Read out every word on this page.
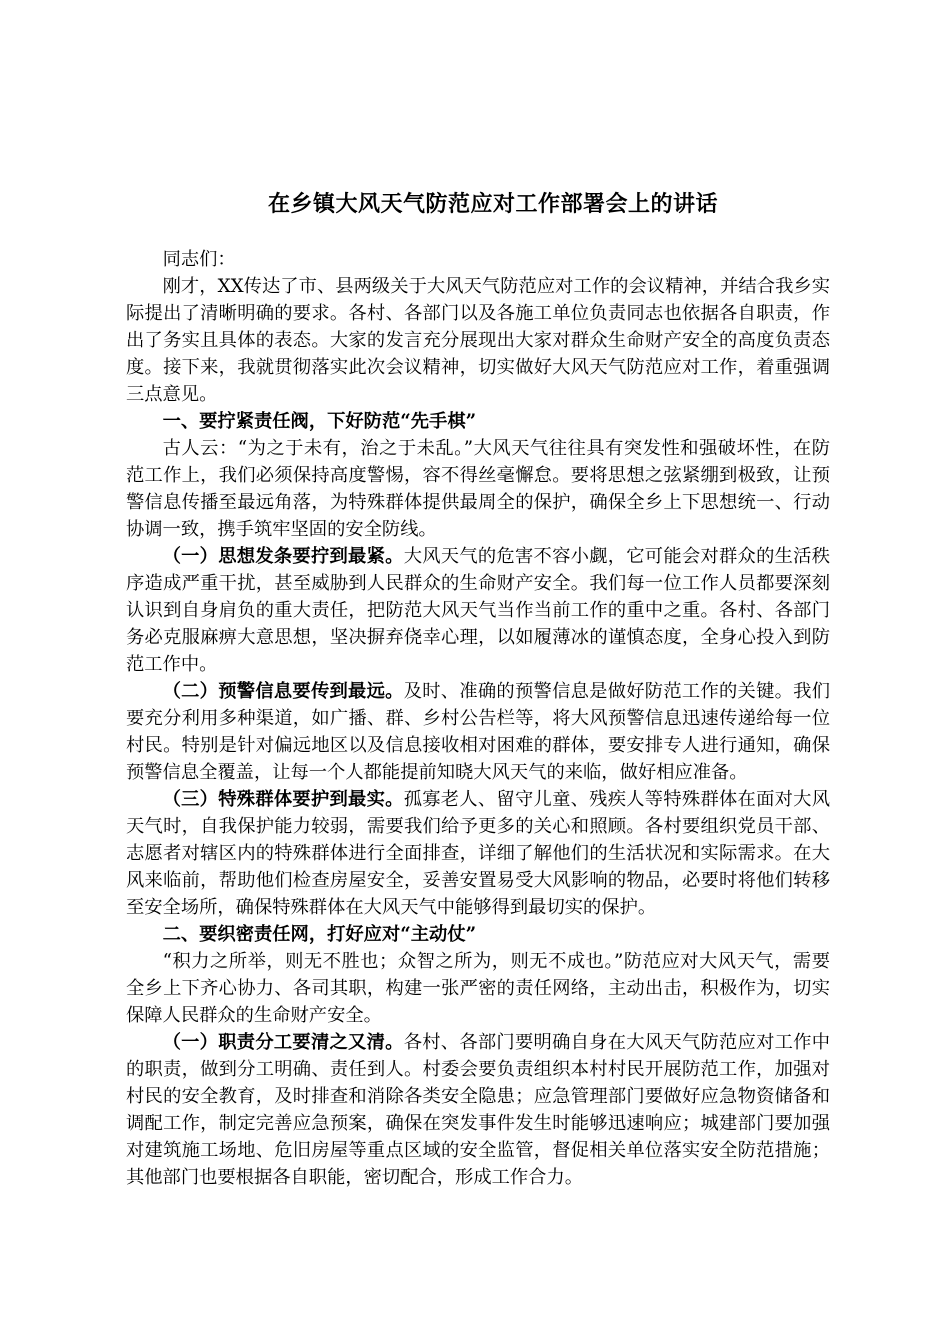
在乡镇大风天气防范应对工作部署会上的讲话

同志们：

刚才，XX传达了市、县两级关于大风天气防范应对工作的会议精神，并结合我乡实际提出了清晰明确的要求。各村、各部门以及各施工单位负责同志也依据各自职责，作出了务实且具体的表态。大家的发言充分展现出大家对群众生命财产安全的高度负责态度。接下来，我就贯彻落实此次会议精神，切实做好大风天气防范应对工作，着重强调三点意见。

一、要拧紧责任阀，下好防范“先手棋”

古人云：“为之于未有，治之于未乱。”大风天气往往具有突发性和强破坏性，在防范工作上，我们必须保持高度警惕，容不得丝毫懈怠。要将思想之弦紧绷到极致，让预警信息传播至最远角落，为特殊群体提供最周全的保护，确保全乡上下思想统一、行动协调一致，携手筑牢坚固的安全防线。

（一）思想发条要拧到最紧。大风天气的危害不容小觑，它可能会对群众的生活秩序造成严重干扰，甚至威胁到人民群众的生命财产安全。我们每一位工作人员都要深刻认识到自身肩负的重大责任，把防范大风天气当作当前工作的重中之重。各村、各部门务必克服麻痹大意思想，坚决摒弃侥幸心理，以如履薄冰的谨慎态度，全身心投入到防范工作中。

（二）预警信息要传到最远。及时、准确的预警信息是做好防范工作的关键。我们要充分利用多种渠道，如广播、群、乡村公告栏等，将大风预警信息迅速传递给每一位村民。特别是针对偏远地区以及信息接收相对困难的群体，要安排专人进行通知，确保预警信息全覆盖，让每一个人都能提前知晓大风天气的来临，做好相应准备。

（三）特殊群体要护到最实。孤寡老人、留守儿童、残疾人等特殊群体在面对大风天气时，自我保护能力较弱，需要我们给予更多的关心和照顾。各村要组织党员干部、志愿者对辖区内的特殊群体进行全面排查，详细了解他们的生活状况和实际需求。在大风来临前，帮助他们检查房屋安全，妥善安置易受大风影响的物品，必要时将他们转移至安全场所，确保特殊群体在大风天气中能够得到最切实的保护。

二、要织密责任网，打好应对“主动仗”

“积力之所举，则无不胜也；众智之所为，则无不成也。”防范应对大风天气，需要全乡上下齐心协力、各司其职，构建一张严密的责任网络，主动出击，积极作为，切实保障人民群众的生命财产安全。

（一）职责分工要清之又清。各村、各部门要明确自身在大风天气防范应对工作中的职责，做到分工明确、责任到人。村委会要负责组织本村村民开展防范工作，加强对村民的安全教育，及时排查和消除各类安全隐患；应急管理部门要做好应急物资储备和调配工作，制定完善应急预案，确保在突发事件发生时能够迅速响应；城建部门要加强对建筑施工场地、危旧房屋等重点区域的安全监管，督促相关单位落实安全防范措施；其他部门也要根据各自职能，密切配合，形成工作合力。
